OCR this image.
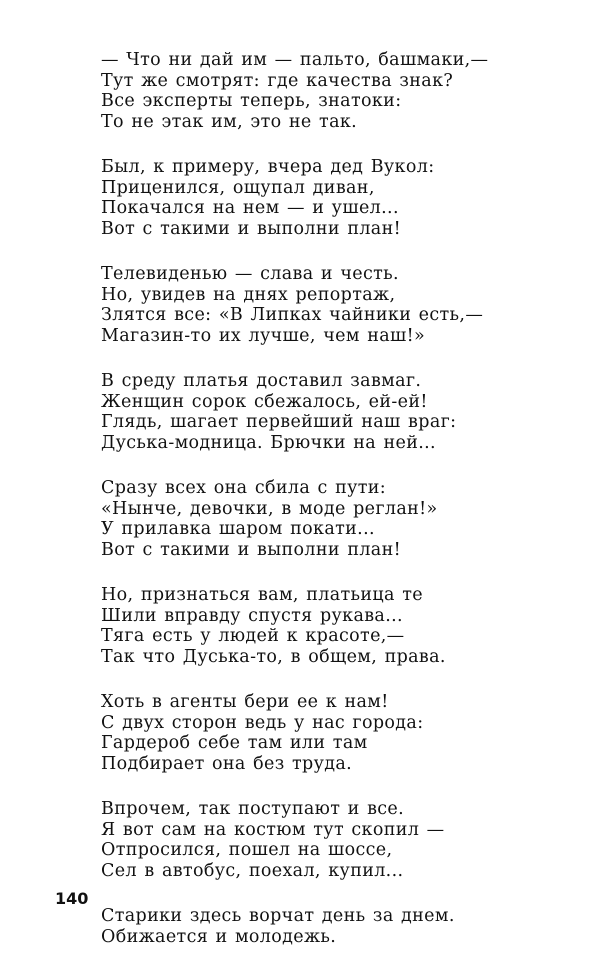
— Что ни дай им — пальто, башмаки,—
Тут же смотрят: где качества знак?
Все эксперты теперь, знатоки:
То не этак им, это не так.
Был, к примеру, вчера дед Вукол:
Приценился, ощупал диван,
Покачался на нем — и ушел...
Вот с такими и выполни план!
Телевиденью — слава и честь.
Но, увидев на днях репортаж,
Злятся все: «В Липках чайники есть,—
Магазин-то их лучше, чем наш!»
В среду платья доставил завмаг.
Женщин сорок сбежалось, ей-ей!
Глядь, шагает первейший наш враг:
Дуська-модница. Брючки на ней...
Сразу всех она сбила с пути:
«Нынче, девочки, в моде реглан!»
У прилавка шаром покати...
Вот с такими и выполни план!
Но, признаться вам, платьица те
Шили вправду спустя рукава...
Тяга есть у людей к красоте,—
Так что Дуська-то, в общем, права.
Хоть в агенты бери ее к нам!
С двух сторон ведь у нас города:
Гардероб себе там или там
Подбирает она без труда.
Впрочем, так поступают и все.
Я вот сам на костюм тут скопил —
Отпросился, пошел на шоссе,
Сел в автобус, поехал, купил...
Старики здесь ворчат день за днем.
Обижается и молодежь.
140
